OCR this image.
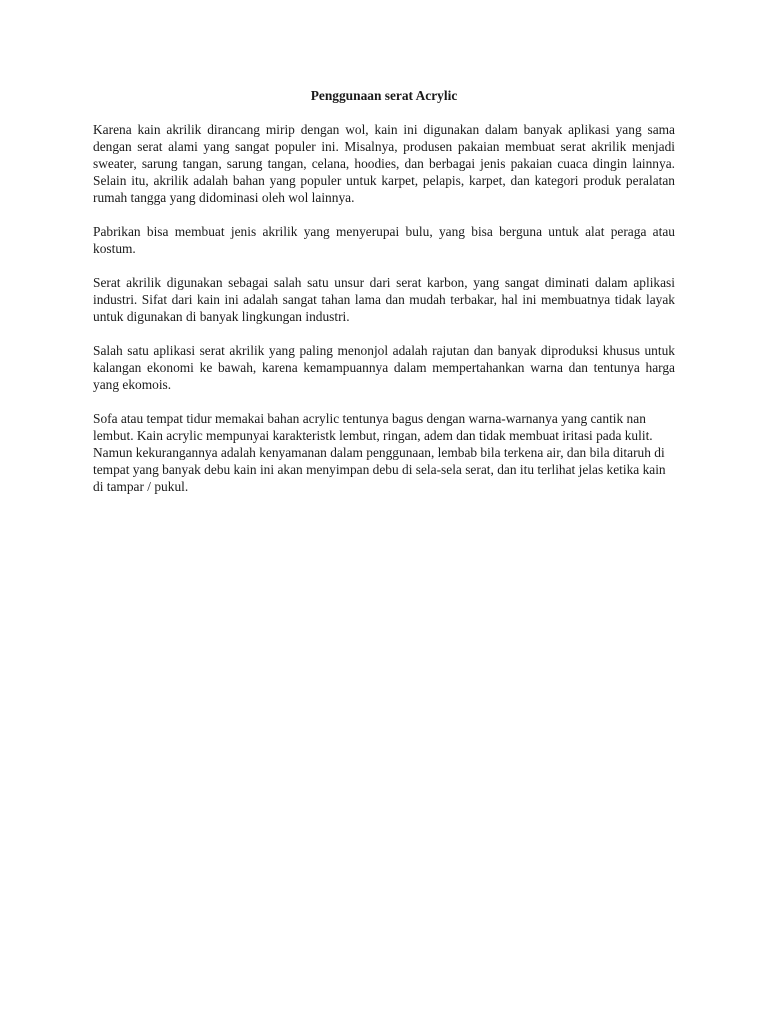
Penggunaan serat Acrylic

Karena kain akrilik dirancang mirip dengan wol, kain ini digunakan dalam banyak aplikasi yang sama dengan serat alami yang sangat populer ini. Misalnya, produsen pakaian membuat serat akrilik menjadi sweater, sarung tangan, sarung tangan, celana, hoodies, dan berbagai jenis pakaian cuaca dingin lainnya. Selain itu, akrilik adalah bahan yang populer untuk karpet, pelapis, karpet, dan kategori produk peralatan rumah tangga yang didominasi oleh wol lainnya.

Pabrikan bisa membuat jenis akrilik yang menyerupai bulu, yang bisa berguna untuk alat peraga atau kostum.

Serat akrilik digunakan sebagai salah satu unsur dari serat karbon, yang sangat diminati dalam aplikasi industri. Sifat dari kain ini adalah sangat tahan lama dan mudah terbakar, hal ini membuatnya tidak layak untuk digunakan di banyak lingkungan industri.

Salah satu aplikasi serat akrilik yang paling menonjol adalah rajutan dan banyak diproduksi khusus untuk kalangan ekonomi ke bawah, karena kemampuannya dalam mempertahankan warna dan tentunya harga yang ekomois.

Sofa atau tempat tidur memakai bahan acrylic tentunya bagus dengan warna-warnanya yang cantik nan lembut. Kain acrylic mempunyai karakteristk lembut, ringan, adem dan tidak membuat iritasi pada kulit. Namun kekurangannya adalah kenyamanan dalam penggunaan, lembab bila terkena air, dan bila ditaruh di tempat yang banyak debu kain ini akan menyimpan debu di sela-sela serat, dan itu terlihat jelas ketika kain di tampar / pukul.
